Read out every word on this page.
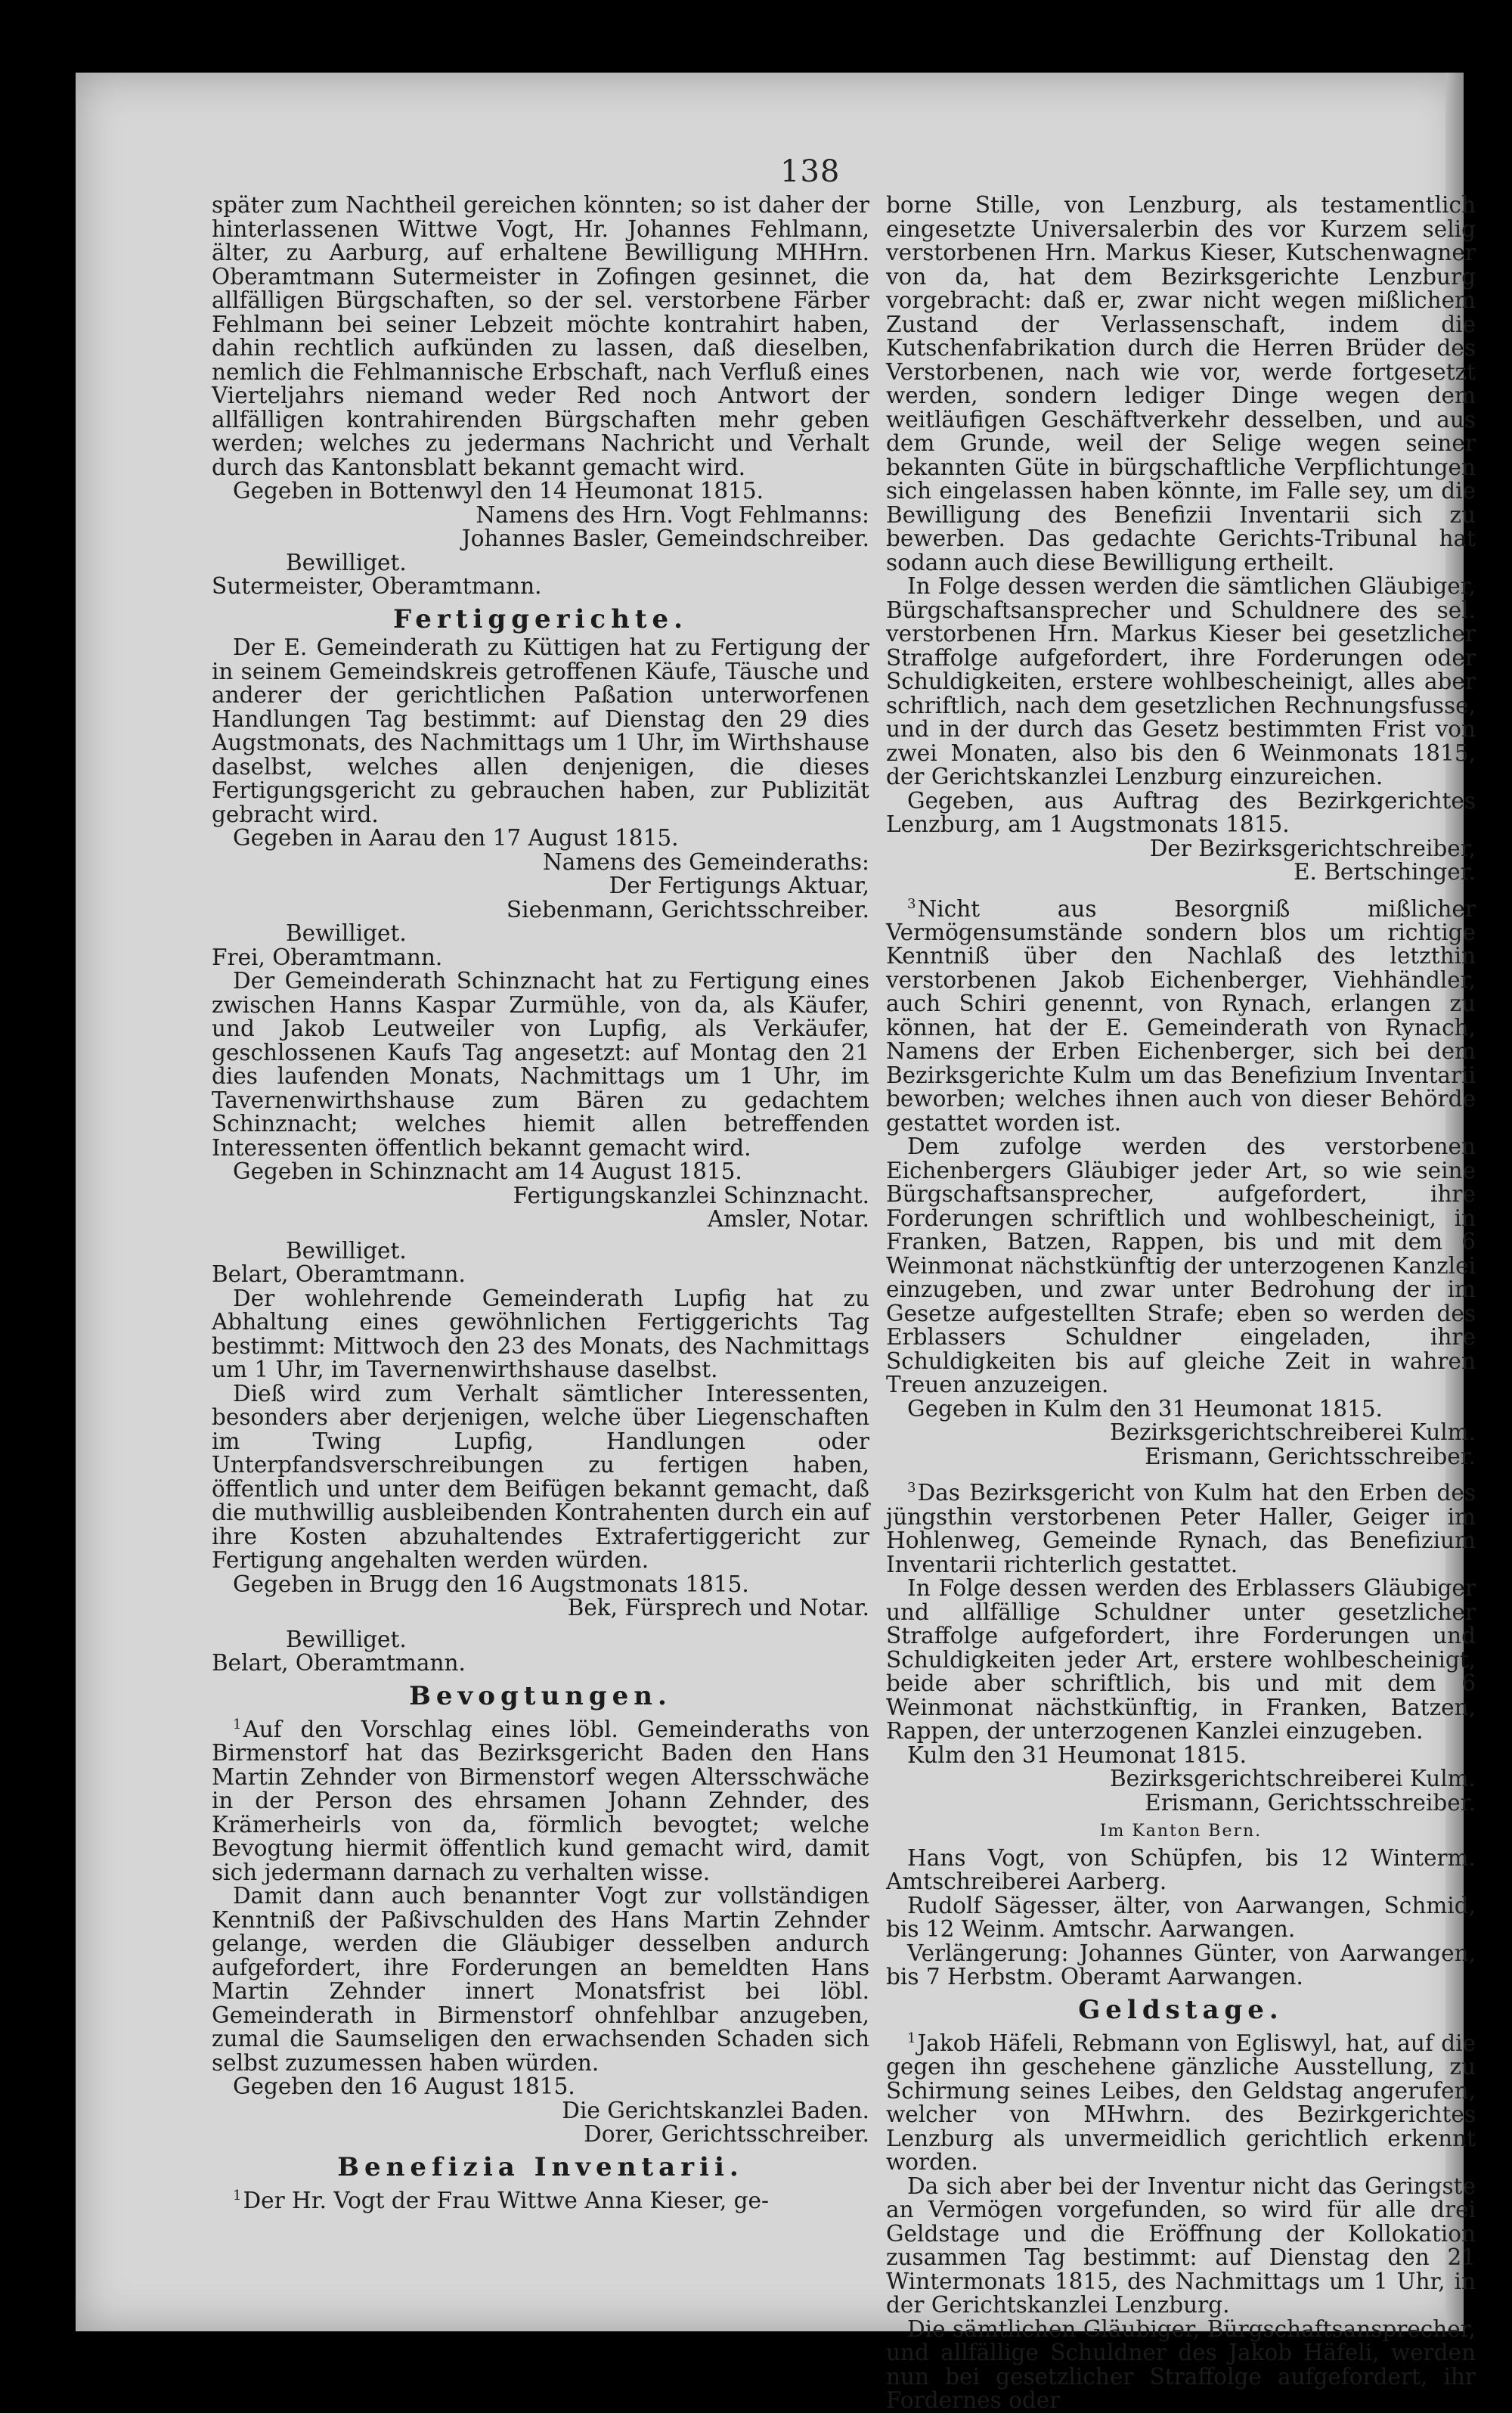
138

später zum Nachtheil gereichen könnten; so ist daher der hinterlassenen Wittwe Vogt, Hr. Johannes Fehlmann, älter, zu Aarburg, auf erhaltene Bewilligung MHHrn. Oberamtmann Sutermeister in Zofingen gesinnet, die allfälligen Bürgschaften, so der sel. verstorbene Färber Fehlmann bei seiner Lebzeit möchte kontrahirt haben, dahin rechtlich aufkünden zu lassen, daß dieselben, nemlich die Fehlmannische Erbschaft, nach Verfluß eines Vierteljahrs niemand weder Red noch Antwort der allfälligen kontrahirenden Bürgschaften mehr geben werden; welches zu jedermans Nachricht und Verhalt durch das Kantonsblatt bekannt gemacht wird.

Gegeben in Bottenwyl den 14 Heumonat 1815.

Namens des Hrn. Vogt Fehlmanns:

Johannes Basler, Gemeindschreiber.

Bewilliget.

Sutermeister, Oberamtmann.

Fertiggerichte.

Der E. Gemeinderath zu Küttigen hat zu Fertigung der in seinem Gemeindskreis getroffenen Käufe, Täusche und anderer der gerichtlichen Paßation unterworfenen Handlungen Tag bestimmt: auf Dienstag den 29 dies Augstmonats, des Nachmittags um 1 Uhr, im Wirthshause daselbst, welches allen denjenigen, die dieses Fertigungsgericht zu gebrauchen haben, zur Publizität gebracht wird.

Gegeben in Aarau den 17 August 1815.

Namens des Gemeinderaths:

Der Fertigungs Aktuar,

Siebenmann, Gerichtsschreiber.

Bewilliget.

Frei, Oberamtmann.

Der Gemeinderath Schinznacht hat zu Fertigung eines zwischen Hanns Kaspar Zurmühle, von da, als Käufer, und Jakob Leutweiler von Lupfig, als Verkäufer, geschlossenen Kaufs Tag angesetzt: auf Montag den 21 dies laufenden Monats, Nachmittags um 1 Uhr, im Tavernenwirthshause zum Bären zu gedachtem Schinznacht; welches hiemit allen betreffenden Interessenten öffentlich bekannt gemacht wird.

Gegeben in Schinznacht am 14 August 1815.

Fertigungskanzlei Schinznacht.

Amsler, Notar.

Bewilliget.

Belart, Oberamtmann.

Der wohlehrende Gemeinderath Lupfig hat zu Abhaltung eines gewöhnlichen Fertiggerichts Tag bestimmt: Mittwoch den 23 des Monats, des Nachmittags um 1 Uhr, im Tavernenwirthshause daselbst.

Dieß wird zum Verhalt sämtlicher Interessenten, besonders aber derjenigen, welche über Liegenschaften im Twing Lupfig, Handlungen oder Unterpfandsverschreibungen zu fertigen haben, öffentlich und unter dem Beifügen bekannt gemacht, daß die muthwillig ausbleibenden Kontrahenten durch ein auf ihre Kosten abzuhaltendes Extrafertiggericht zur Fertigung angehalten werden würden.

Gegeben in Brugg den 16 Augstmonats 1815.

Bek, Fürsprech und Notar.

Bewilliget.

Belart, Oberamtmann.

Bevogtungen.

$^1$Auf den Vorschlag eines löbl. Gemeinderaths von Birmenstorf hat das Bezirksgericht Baden den Hans Martin Zehnder von Birmenstorf wegen Altersschwäche in der Person des ehrsamen Johann Zehnder, des Krämerheirls von da, förmlich bevogtet; welche Bevogtung hiermit öffentlich kund gemacht wird, damit sich jedermann darnach zu verhalten wisse.

Damit dann auch benannter Vogt zur vollständigen Kenntniß der Paßivschulden des Hans Martin Zehnder gelange, werden die Gläubiger desselben andurch aufgefordert, ihre Forderungen an bemeldten Hans Martin Zehnder innert Monatsfrist bei löbl. Gemeinderath in Birmenstorf ohnfehlbar anzugeben, zumal die Saumseligen den erwachsenden Schaden sich selbst zuzumessen haben würden.

Gegeben den 16 August 1815.

Die Gerichtskanzlei Baden.

Dorer, Gerichtsschreiber.

Benefizia Inventarii.

$^1$Der Hr. Vogt der Frau Wittwe Anna Kieser, ge-

borne Stille, von Lenzburg, als testamentlich eingesetzte Universalerbin des vor Kurzem selig verstorbenen Hrn. Markus Kieser, Kutschenwagner von da, hat dem Bezirksgerichte Lenzburg vorgebracht: daß er, zwar nicht wegen mißlichem Zustand der Verlassenschaft, indem die Kutschenfabrikation durch die Herren Brüder des Verstorbenen, nach wie vor, werde fortgesetzt werden, sondern lediger Dinge wegen dem weitläufigen Geschäftverkehr desselben, und aus dem Grunde, weil der Selige wegen seiner bekannten Güte in bürgschaftliche Verpflichtungen sich eingelassen haben könnte, im Falle sey, um die Bewilligung des Benefizii Inventarii sich zu bewerben. Das gedachte Gerichts-Tribunal hat sodann auch diese Bewilligung ertheilt.

In Folge dessen werden die sämtlichen Gläubiger, Bürgschaftsansprecher und Schuldnere des sel. verstorbenen Hrn. Markus Kieser bei gesetzlicher Straffolge aufgefordert, ihre Forderungen oder Schuldigkeiten, erstere wohlbescheinigt, alles aber schriftlich, nach dem gesetzlichen Rechnungsfusse, und in der durch das Gesetz bestimmten Frist von zwei Monaten, also bis den 6 Weinmonats 1815, der Gerichtskanzlei Lenzburg einzureichen.

Gegeben, aus Auftrag des Bezirkgerichtes Lenzburg, am 1 Augstmonats 1815.

Der Bezirksgerichtschreiber,

E. Bertschinger.

$^3$Nicht aus Besorgniß mißlicher Vermögensumstände sondern blos um richtige Kenntniß über den Nachlaß des letzthin verstorbenen Jakob Eichenberger, Viehhändler, auch Schiri genennt, von Rynach, erlangen zu können, hat der E. Gemeinderath von Rynach, Namens der Erben Eichenberger, sich bei dem Bezirksgerichte Kulm um das Benefizium Inventarii beworben; welches ihnen auch von dieser Behörde gestattet worden ist.

Dem zufolge werden des verstorbenen Eichenbergers Gläubiger jeder Art, so wie seine Bürgschaftsansprecher, aufgefordert, ihre Forderungen schriftlich und wohlbescheinigt, in Franken, Batzen, Rappen, bis und mit dem 6 Weinmonat nächstkünftig der unterzogenen Kanzlei einzugeben, und zwar unter Bedrohung der im Gesetze aufgestellten Strafe; eben so werden des Erblassers Schuldner eingeladen, ihre Schuldigkeiten bis auf gleiche Zeit in wahren Treuen anzuzeigen.

Gegeben in Kulm den 31 Heumonat 1815.

Bezirksgerichtschreiberei Kulm.

Erismann, Gerichtsschreiber.

$^3$Das Bezirksgericht von Kulm hat den Erben des jüngsthin verstorbenen Peter Haller, Geiger im Hohlenweg, Gemeinde Rynach, das Benefizium Inventarii richterlich gestattet.

In Folge dessen werden des Erblassers Gläubiger und allfällige Schuldner unter gesetzlicher Straffolge aufgefordert, ihre Forderungen und Schuldigkeiten jeder Art, erstere wohlbescheinigt, beide aber schriftlich, bis und mit dem 6 Weinmonat nächstkünftig, in Franken, Batzen, Rappen, der unterzogenen Kanzlei einzugeben.

Kulm den 31 Heumonat 1815.

Bezirksgerichtschreiberei Kulm.

Erismann, Gerichtsschreiber.

Im Kanton Bern.

Hans Vogt, von Schüpfen, bis 12 Winterm. Amtschreiberei Aarberg.

Rudolf Sägesser, älter, von Aarwangen, Schmid, bis 12 Weinm. Amtschr. Aarwangen.

Verlängerung: Johannes Günter, von Aarwangen, bis 7 Herbstm. Oberamt Aarwangen.

Geldstage.

$^1$Jakob Häfeli, Rebmann von Egliswyl, hat, auf die gegen ihn geschehene gänzliche Ausstellung, zu Schirmung seines Leibes, den Geldstag angerufen, welcher von MHwhrn. des Bezirkgerichtes Lenzburg als unvermeidlich gerichtlich erkennt worden.

Da sich aber bei der Inventur nicht das Geringste an Vermögen vorgefunden, so wird für alle drei Geldstage und die Eröffnung der Kollokation zusammen Tag bestimmt: auf Dienstag den 21 Wintermonats 1815, des Nachmittags um 1 Uhr, in der Gerichtskanzlei Lenzburg.

Die sämtlichen Gläubiger, Bürgschaftsansprecher, und allfällige Schuldner des Jakob Häfeli, werden nun bei gesetzlicher Straffolge aufgefordert, ihr Fordernes oder
